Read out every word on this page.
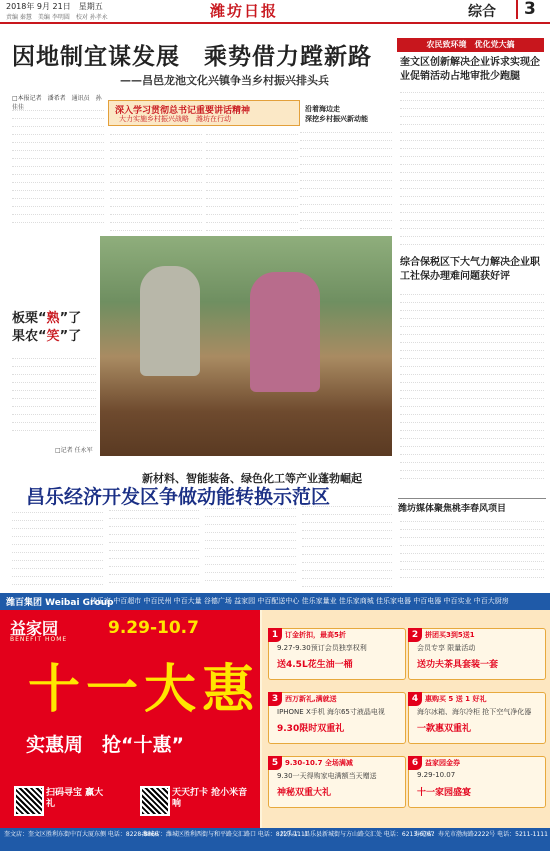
2018年 9月 21日　星期五
责编 秦慧　美编 李明圆　校对 孙孝永	潍坊日报	综合	3
因地制宜谋发展　乘势借力蹚新路
——昌邑龙池文化兴镇争当乡村振兴排头兵
深入学习贯彻总书记重要讲话精神
大力实施乡村振兴战略　潍坊在行动
□本报记者　潘希者　通讯员　孙佳佳	沿着海边走
深挖乡村振兴新动能
板栗“熟”了　果农“笑”了
□记者 任永军
农民致环境　优化党大搞
奎文区创新解决企业诉求实现企业促销活动占地审批少跑腿
综合保税区下大气力解决企业职工社保办理难问题获好评
潍坊媒体聚焦桃李春风项目
新材料、智能装备、绿色化工等产业蓬勃崛起
昌乐经济开发区争做动能转换示范区
潍百集团 Weibai Group
佳乐家 中百超市 中百民州 中百大量 谷德广场 益家园 中百配送中心 佳乐家量业 佳乐家商城 佳乐家电器 中百电器 中百实业 中百大厨房
益家园
BENEFIT HOME
9.29-10.7
十一大惠
实惠周　抢“十惠”
扫码寻宝 赢大礼
天天打卡 抢小米音响
1 订金折扣，最高5折
9.27-9.30预订会员独享权利
送4.5L花生油一桶
2 拼团买3到5送1
会员专享 限量活动
送功夫茶具套装一套
3 西万新礼,满就送
IPHONE X手机 海尔65寸液晶电视
9.30限时双重礼
4 惠购买 5 送 1 好礼
海尔冰箱、海尔冷柜 抢下空气净化器
一款惠双重礼
5 9.30-10.7 全场满减
9.30一天得购家电满额当天赠送
神秘双重大礼
6 益家园金券
9.29-10.07
十一家园盛宴
奎文店：奎文区胜利东街中百大厦东侧 电话：8228-8866
潍城店：潍城区胜利西街与和平路交汇路口 电话：8227-1111
昌乐店：昌乐县新城街与方山路交汇处 电话：6213-6767
寿光店：寿光市渤海路2222号 电话：5211-1111
